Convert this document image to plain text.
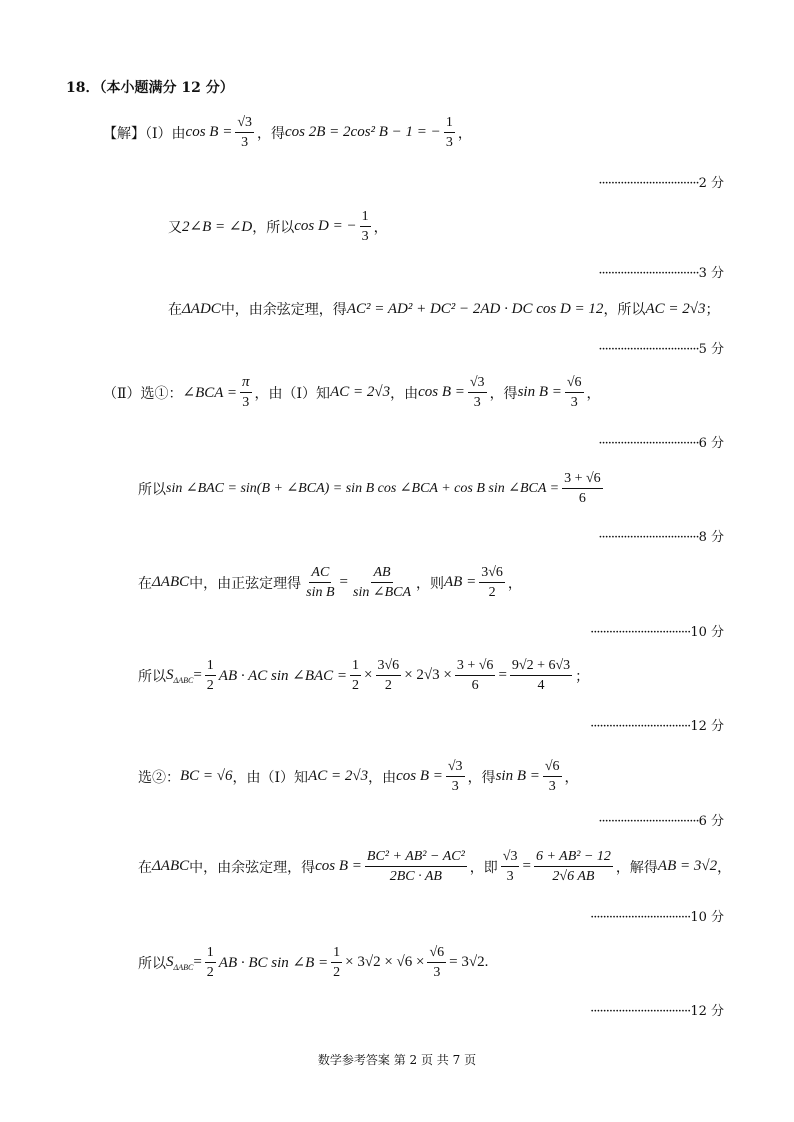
18．（本小题满分 12 分）
【解】（Ⅰ）由 $\cos B = \frac{√3}{3}$ ，得 cos 2B = 2cos² B − 1 = − $\frac{1}{3}$ ，
································2 分
又 2∠B = ∠D ，所以 cos D = − $\frac{1}{3}$ ，
································3 分
在 ΔADC 中，由余弦定理，得 AC² = AD² + DC² − 2AD · DC cos D = 12 ，所以 AC = 2√3 ；
································5 分
（Ⅱ）选①： ∠BCA = $\frac{\pi}{3}$ ，由（Ⅰ）知 AC = 2√3 ，由 $\cos B = \frac{√3}{3}$ ，得 $\sin B = \frac{√6}{3}$ ，
································6 分
所以 sin ∠BAC = sin(B + ∠BCA) = sin B cos ∠BCA + cos B sin ∠BCA = $\frac{3 + √6}{6}$
································8 分
在 ΔABC 中，由正弦定理得 $\frac{AC}{\text{sin B}} = \frac{AB}{\text{sin ∠BCA}}$ ，则 AB = $\frac{3√6}{2}$ ，
································10 分
所以 $S_{\Delta ABC} = \frac{1}{2}$ AB · AC sin ∠BAC = $\frac{1}{2} \times \frac{3√6}{2} \times 2√3 \times \frac{3 + √6}{6} = \frac{9√2 + 6√3}{4}$ ；
································12 分
选②： BC = √6 ，由（Ⅰ）知 AC = 2√3 ，由 $\cos B = \frac{√3}{3}$ ，得 $\sin B = \frac{√6}{3}$ ，
································6 分
在 ΔABC 中，由余弦定理，得 $\cos B = \frac{\text{BC² + AB² − AC²}}{2BC \cdot AB}$ ，即 $\frac{√3}{3} = \frac{\text{6 + AB² − 12}}{2√6 AB}$ ，解得 AB = 3√2 ，
································10 分
所以 $S_{\Delta ABC} = \frac{1}{2}$ AB · BC sin ∠B = $\frac{1}{2} \times 3√2 \times √6 \times \frac{√6}{3} = 3√2$.
································12 分
数学参考答案 第 2 页 共 7 页
